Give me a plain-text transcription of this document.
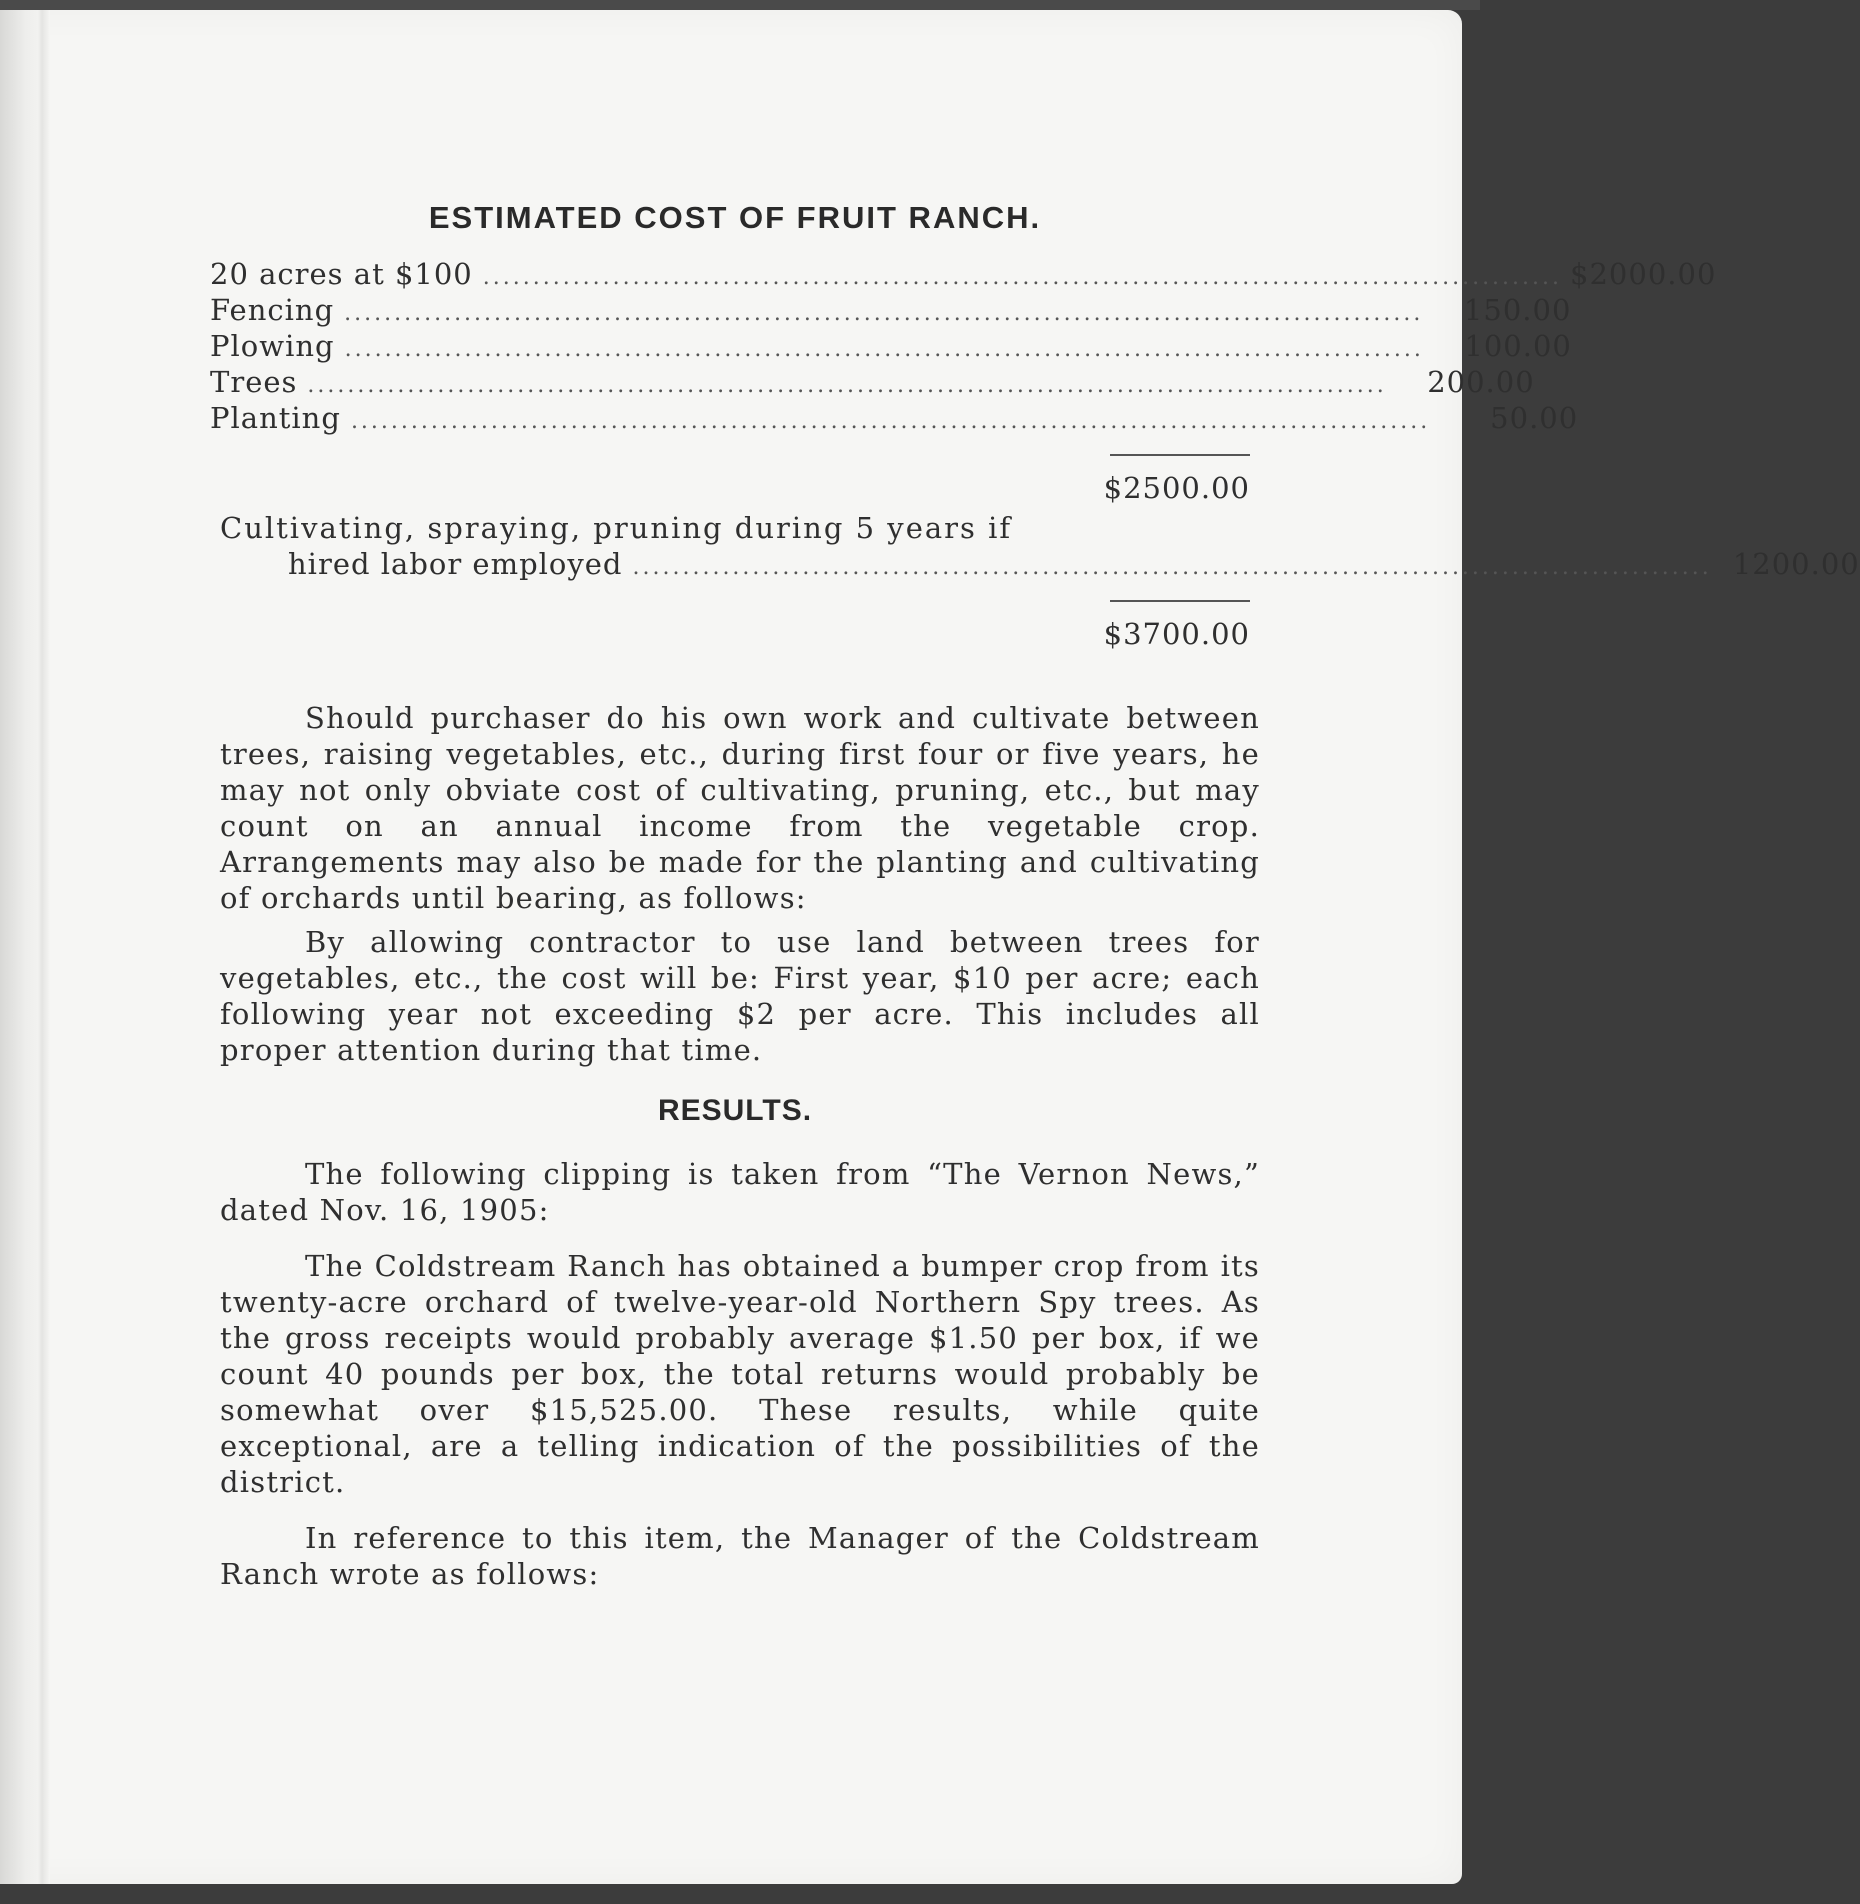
ESTIMATED COST OF FRUIT RANCH.
20 acres at $100 ............................................................................................................ $2000.00
Fencing ............................................................................................................	150.00
Plowing ............................................................................................................	100.00
Trees ............................................................................................................	200.00
Planting ............................................................................................................	50.00
$2500.00
Cultivating, spraying, pruning during 5 years if
hired labor employed ............................................................................................................ 1200.00
$3700.00

Should purchaser do his own work and cultivate between trees, raising vegetables, etc., during first four or five years, he may not only obviate cost of cultivating, pruning, etc., but may count on an annual income from the vegetable crop. Arrangements may also be made for the planting and cultivating of orchards until bearing, as follows:

By allowing contractor to use land between trees for vegetables, etc., the cost will be: First year, $10 per acre; each following year not exceeding $2 per acre. This includes all proper attention during that time.

RESULTS.

The following clipping is taken from “The Vernon News,” dated Nov. 16, 1905:

The Coldstream Ranch has obtained a bumper crop from its twenty-acre orchard of twelve-year-old Northern Spy trees. As the gross receipts would probably average $1.50 per box, if we count 40 pounds per box, the total returns would probably be somewhat over $15,525.00. These results, while quite exceptional, are a telling indication of the possibilities of the district.

In reference to this item, the Manager of the Coldstream Ranch wrote as follows:
